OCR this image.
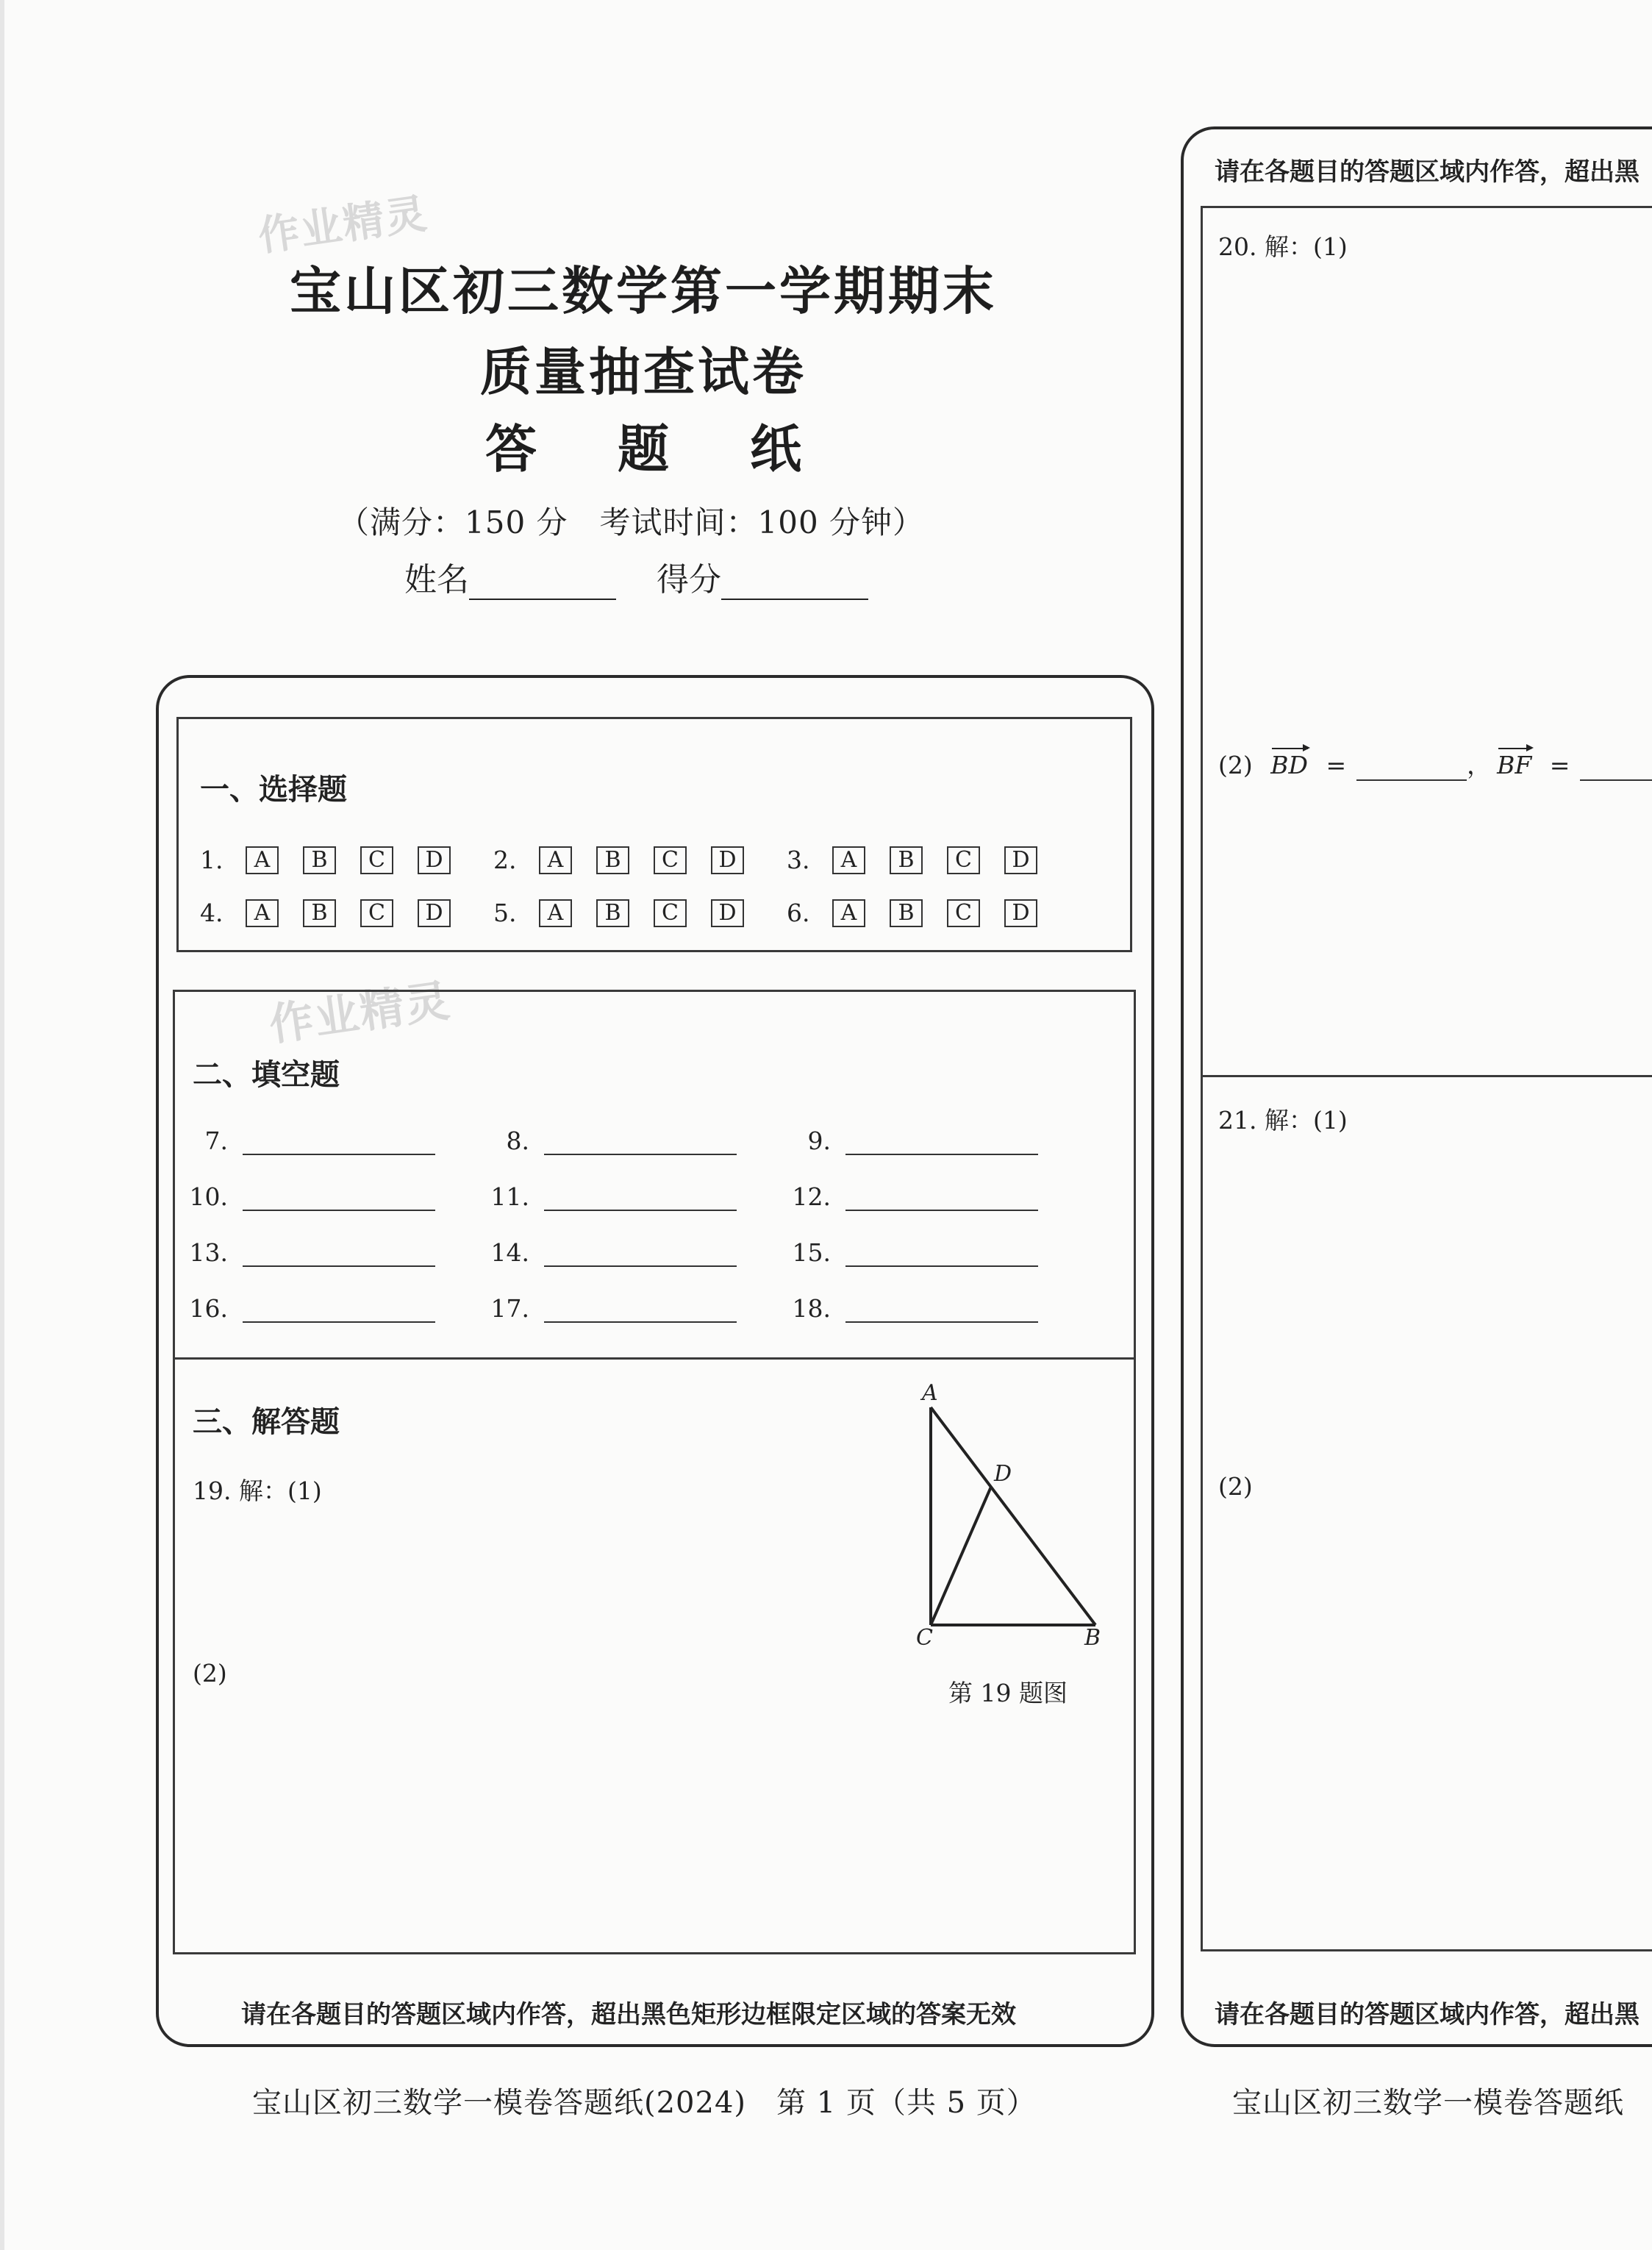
作业精灵
作业精灵
宝山区初三数学第一学期期末
质量抽查试卷
答 题 纸
（满分：150 分　考试时间：100 分钟）
姓名	得分
一、选择题
1.	A	B	C	D	2.	A	B	C	D	3.	A	B	C	D
4.	A	B	C	D	5.	A	B	C	D	6.	A	B	C	D
二、填空题
7.	8.	9.
10.	11.	12.
13.	14.	15.
16.	17.	18.
三、解答题
19. 解：(1)
(2)
A
D
C	B
第 19 题图
请在各题目的答题区域内作答，超出黑色矩形边框限定区域的答案无效
宝山区初三数学一模卷答题纸(2024)　第 1 页（共 5 页）
请在各题目的答题区域内作答，超出黑
20. 解：(1)
(2) BD =	， BF =
21. 解：(1)
(2)
请在各题目的答题区域内作答，超出黑
宝山区初三数学一模卷答题纸
